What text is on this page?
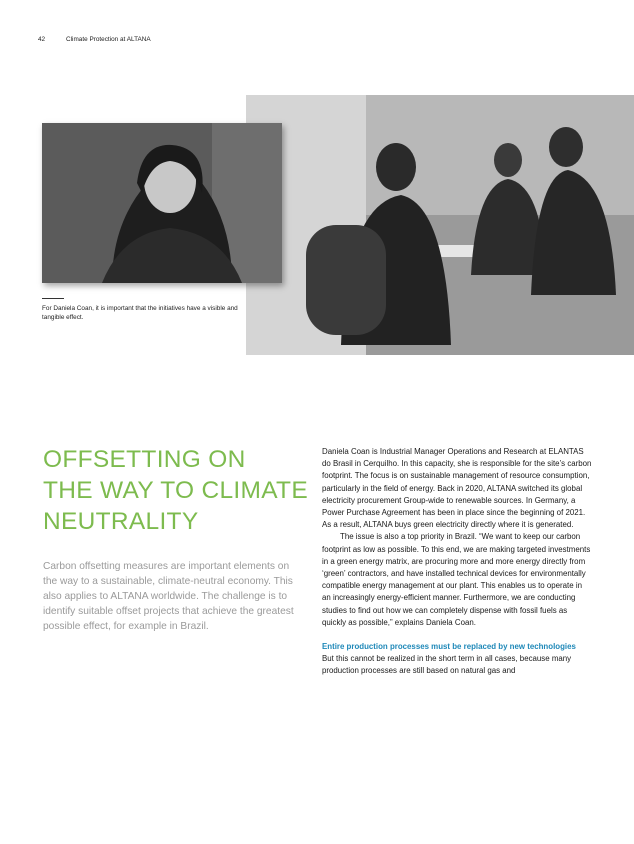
42	Climate Protection at ALTANA
For Daniela Coan, it is important that the initiatives have a visible and tangible effect.
OFFSETTING ON
THE WAY TO CLIMATE
NEUTRALITY
Carbon offsetting measures are important elements on the way to a sustainable, climate-neutral economy. This also applies to ALTANA worldwide. The challenge is to identify suitable offset projects that achieve the greatest possible effect, for example in Brazil.

Daniela Coan is Industrial Manager Operations and Research at ELANTAS do Brasil in Cerquilho. In this capacity, she is responsible for the site’s carbon footprint. The focus is on sustainable management of resource consumption, particularly in the field of energy. Back in 2020, ALTANA switched its global electricity procurement Group-wide to renewable sources. In Germany, a Power Purchase Agreement has been in place since the beginning of 2021. As a result, ALTANA buys green electricity directly where it is generated.

The issue is also a top priority in Brazil. “We want to keep our carbon footprint as low as possible. To this end, we are making targeted investments in a green energy matrix, are procuring more and more energy directly from ‘green’ contractors, and have installed technical devices for environmentally compatible energy management at our plant. This enables us to operate in an increasingly energy-efficient manner. Furthermore, we are conducting studies to find out how we can completely dispense with fossil fuels as quickly as possible,” explains Daniela Coan.

Entire production processes must be replaced by new technologies

But this cannot be realized in the short term in all cases, because many production processes are still based on natural gas and
